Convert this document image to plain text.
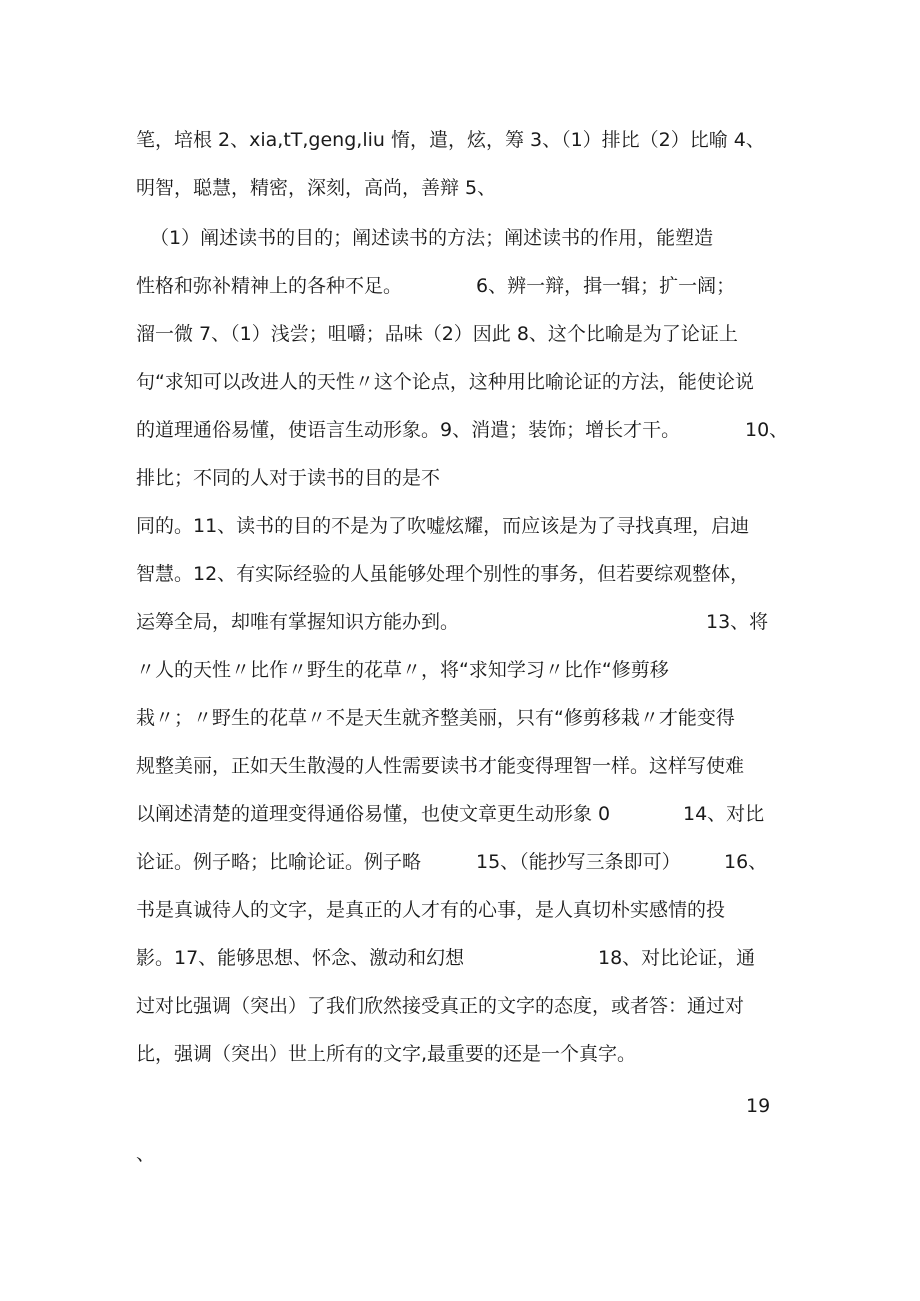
笔，培根 2、xia,tT,geng,liu 惰，遣，炫，筹 3、（1）排比（2）比喻 4、
明智，聪慧，精密，深刻，高尚，善辩 5、
（1）阐述读书的目的；阐述读书的方法；阐述读书的作用，能塑造
性格和弥补精神上的各种不足。	6、辨一辩，揖一辑；扩一阔；
溜一微 7、（1）浅尝；咀嚼；品味（2）因此 8、这个比喻是为了论证上
句“求知可以改进人的天性〃这个论点，这种用比喻论证的方法，能使论说
的道理通俗易懂，使语言生动形象。9、消遣；装饰；增长才干。	10、
排比；不同的人对于读书的目的是不
同的。11、读书的目的不是为了吹嘘炫耀，而应该是为了寻找真理，启迪
智慧。12、有实际经验的人虽能够处理个别性的事务，但若要综观整体，
运筹全局，却唯有掌握知识方能办到。	13、将
〃人的天性〃比作〃野生的花草〃，将“求知学习〃比作“修剪移
栽〃；〃野生的花草〃不是天生就齐整美丽，只有“修剪移栽〃才能变得
规整美丽，正如天生散漫的人性需要读书才能变得理智一样。这样写使难
以阐述清楚的道理变得通俗易懂，也使文章更生动形象 0	14、对比
论证。例子略；比喻论证。例子略	15、（能抄写三条即可） 16、
书是真诚待人的文字，是真正的人才有的心事，是人真切朴实感情的投
影。17、能够思想、怀念、激动和幻想	18、对比论证，通
过对比强调（突出）了我们欣然接受真正的文字的态度，或者答：通过对
比，强调（突出）世上所有的文字,最重要的还是一个真字。
19
、
